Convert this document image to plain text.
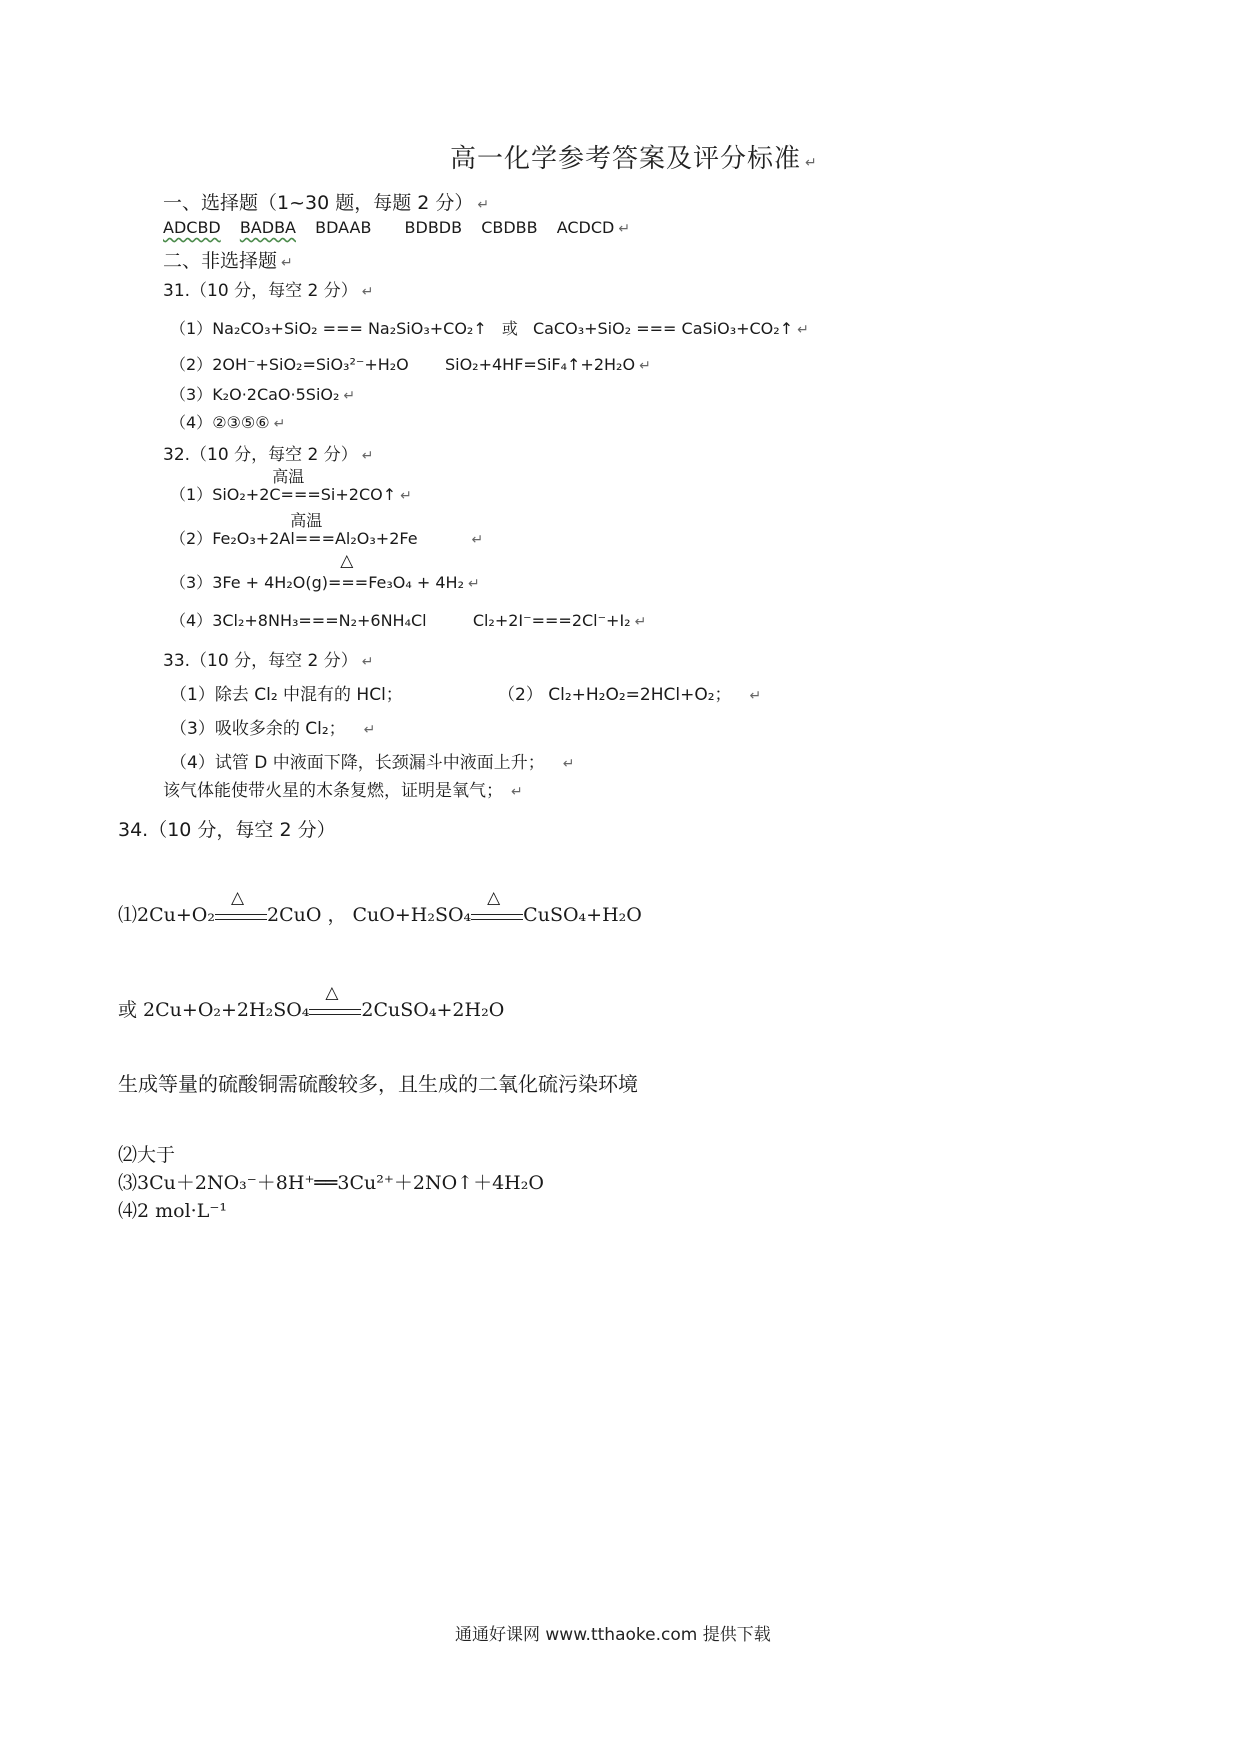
高一化学参考答案及评分标准 ↵
一、选择题（1~30 题，每题 2 分） ↵
ADCBD BADBA BDAAB BDBDB CBDBB ACDCD ↵
二、非选择题 ↵
31.（10 分，每空 2 分） ↵
（1）Na₂CO₃+SiO₂ === Na₂SiO₃+CO₂↑ 或 CaCO₃+SiO₂ === CaSiO₃+CO₂↑ ↵
（2）2OH⁻+SiO₂=SiO₃²⁻+H₂O SiO₂+4HF=SiF₄↑+2H₂O ↵
（3）K₂O·2CaO·5SiO₂ ↵
（4）②③⑤⑥ ↵
32.（10 分，每空 2 分） ↵
（1）
高温
SiO₂+2C===Si+2CO↑ ↵
（2）
高温
Fe₂O₃+2Al===Al₂O₃+2Fe	↵
（3）
△
3Fe + 4H₂O(g)===Fe₃O₄ + 4H₂ ↵
（4）3Cl₂+8NH₃===N₂+6NH₄Cl	Cl₂+2I⁻===2Cl⁻+I₂ ↵
33.（10 分，每空 2 分） ↵
（1）除去 Cl₂ 中混有的 HCl；	（2） Cl₂+H₂O₂=2HCl+O₂； ↵
（3）吸收多余的 Cl₂； ↵
（4）试管 D 中液面下降，长颈漏斗中液面上升； ↵
该气体能使带火星的木条复燃，证明是氧气； ↵
34.（10 分，每空 2 分）
⑴2Cu+O₂
△
2CuO ， CuO+H₂SO₄
△
CuSO₄+H₂O
或 2Cu+O₂+2H₂SO₄
△
2CuSO₄+2H₂O
生成等量的硫酸铜需硫酸较多，且生成的二氧化硫污染环境
⑵大于
⑶3Cu＋2NO₃⁻＋8H⁺══3Cu²⁺＋2NO↑＋4H₂O
⑷2 mol·L⁻¹
通通好课网 www.tthaoke.com 提供下载
